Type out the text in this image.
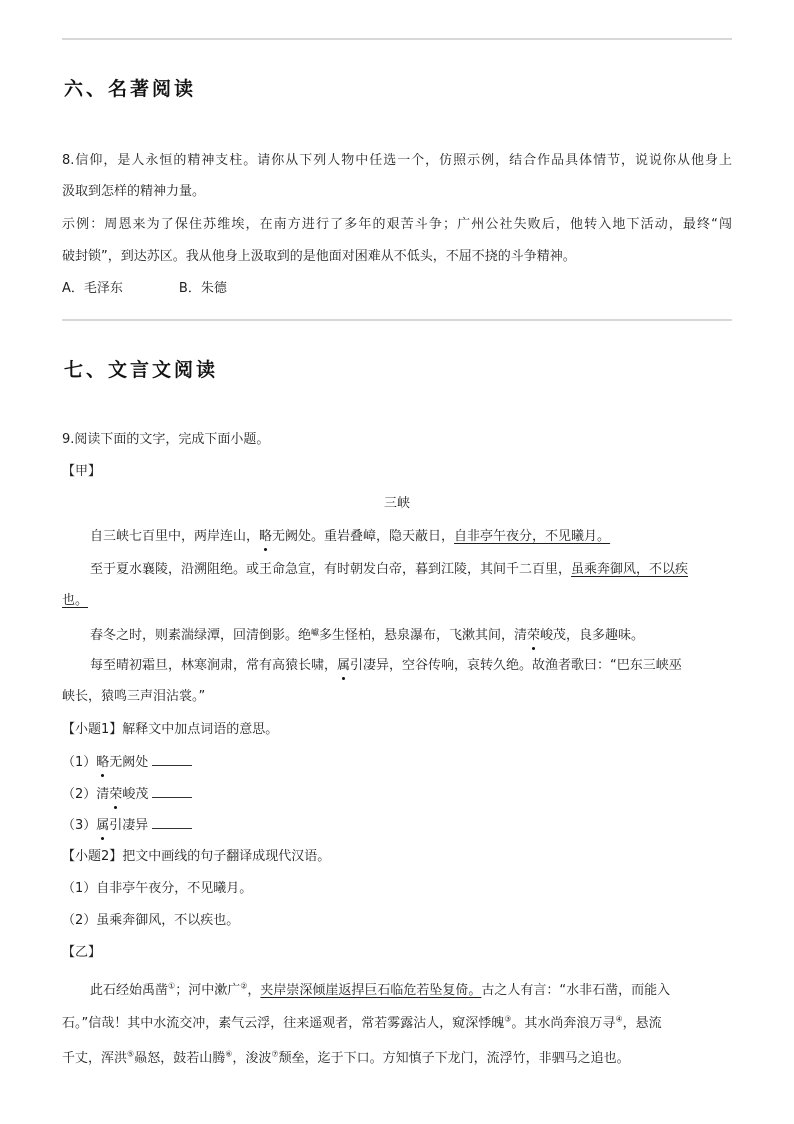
六、名著阅读
8.信仰，是人永恒的精神支柱。请你从下列人物中任选一个，仿照示例，结合作品具体情节，说说你从他身上
汲取到怎样的精神力量。
示例：周恩来为了保住苏维埃，在南方进行了多年的艰苦斗争；广州公社失败后，他转入地下活动，最终“闯
破封锁”，到达苏区。我从他身上汲取到的是他面对困难从不低头，不屈不挠的斗争精神。
A．毛泽东	B．朱德
七、文言文阅读
9.阅读下面的文字，完成下面小题。
【甲】
三峡
自三峡七百里中，两岸连山，略无阙处。重岩叠嶂，隐天蔽日，自非亭午夜分，不见曦月。
至于夏水襄陵，沿溯阻绝。或王命急宣，有时朝发白帝，暮到江陵，其间千二百里，虽乘奔御风，不以疾
也。
春冬之时，则素湍绿潭，回清倒影。绝$^巘$多生怪柏，悬泉瀑布，飞漱其间，清荣峻茂，良多趣味。
每至晴初霜旦，林寒涧肃，常有高猿长啸，属引凄异，空谷传响，哀转久绝。故渔者歌曰：“巴东三峡巫
峡长，猿鸣三声泪沾裳。”
【小题1】解释文中加点词语的意思。
（1）略无阙处
（2）清荣峻茂
（3）属引凄异
【小题2】把文中画线的句子翻译成现代汉语。
（1）自非亭午夜分，不见曦月。
（2）虽乘奔御风，不以疾也。
【乙】
此石经始禹凿①；河中漱广②，夹岸崇深倾崖返捍巨石临危若坠复倚。古之人有言：“水非石凿，而能入
石。”信哉！其中水流交冲，素气云浮，往来遥观者，常若雾露沾人，窥深悸魄③。其水尚奔浪万寻④，悬流
千丈，浑洪⑤赑怒，鼓若山腾⑥，浚波⑦颓垒，迄于下口。方知慎子下龙门，流浮竹，非驷马之追也。
